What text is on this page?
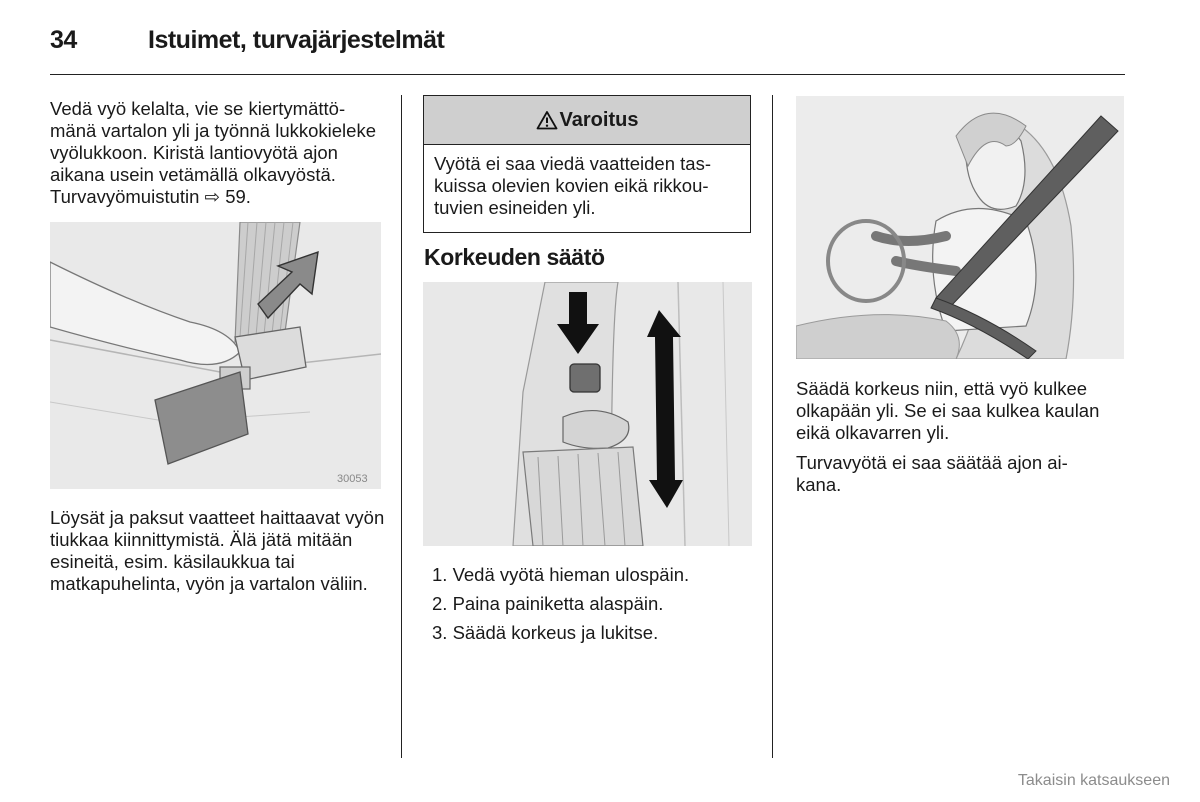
34	Istuimet, turvajärjestelmät

Vedä vyö kelalta, vie se kiertymättömänä vartalon yli ja työnnä lukkokieleke vyölukkoon. Kiristä lantiovyötä ajon aikana usein vetämällä olkavyöstä. Turvavyömuistutin ⇨ 59.

30053

Löysät ja paksut vaatteet haittaavat vyön tiukkaa kiinnittymistä. Älä jätä mitään esineitä, esim. käsilaukkua tai matkapuhelinta, vyön ja vartalon väliin.

Varoitus
Vyötä ei saa viedä vaatteiden taskuissa olevien kovien eikä rikkoutuvien esineiden yli.
Korkeuden säätö
1. Vedä vyötä hieman ulospäin.
2. Paina painiketta alaspäin.
3. Säädä korkeus ja lukitse.

Säädä korkeus niin, että vyö kulkee olkapään yli. Se ei saa kulkea kaulan eikä olkavarren yli.

Turvavyötä ei saa säätää ajon aikana.

Takaisin katsaukseen
